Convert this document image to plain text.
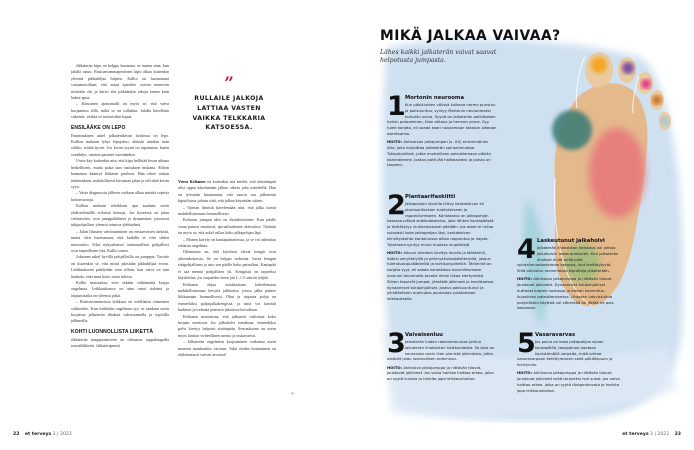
Jalkaterän kipu on helppo huomata: se tuntuu aina, kun jalalla astuu. Rasitusvammaperäinen kipu alkaa kuitenkin yleensä pikkuhiljaa hiipien. Kallio on huomannut vastaanotollaan, että moni ajattelee vaivan menevän itsestään ohi ja kärsii sitä pitkäänkin aikoja ennen kuin hakee apua.

– Klassinen ajatusmalli on myös se, että vaiva korjaantuu sillä, mikä se on tullutkin. Jalalla kävellään sitkeästi, vaikka se tuottaisikin kipua.

ENSILÄÄKE ON LEPO

Ensimmäinen askel jalkateräkivun hoidossa on lepo. Kallion mukaan lyhyt lepojakso, alukski ainakin noin viikko, riittää hyvin. Jos kivun syynä on tapaturma, kuten venähdys, vamma paranee itsestäänkin.

Usein käy kuitenkin niin, että kipu hellittää levon aikana hetkellisesti, mutta palaa taas rasituksen mukana. Silloin kannattaa kääntyä lääkärin puoleen. Hän tekee tarkan tutkimuksen, mahdollisesti kuvantaa jalan ja selvittää kivun syyn.

– Vasta diagnoosin jälkeen voidaan alkaa miettiä sopivia hoitomuotoja.

Kallion mukaan tehokkain apu saadaan usein yhdistelemällä erilaisia keinoja. Jos kyseessä on jalan virheasento, ovat jumppaliikkeet ja dynaamiset, joustavat tukipohjalliset yleensä toimiva yhdistelmä.

– Jalan lihasten vahvistaminen on ensiarvoisen tärkeää, mutta olen huomannut, että kaikilla ei riitä siihen motivaatio. Siksi nykyaikaiset toiminnalliset pohjalliset ovat tarpeellinen lisä, Kallio sanoo.

Jokainen askel hyvillä pohjallisilla on jumppaa. Tavoite on kuitenkin se, että niistä päästään pikkuhiljaa eroon. Leikkaukseen päädytään vain silloin, kun vaiva on niin hankala, ettei muu hoito tuota tulosta.

Kallio muistuttaa, ettei sekään välttämättä korjaa ongelmaa. Leikkauksessa on aina omat riskinsä ja toipumisaika on yleensä pitkä.

– Rasitusvammoissa leikkaus on todellakin viimeinen vaihtoehto. Kun tiedetään ongelman syy, se saadaan usein korjattua jalkaterän lihaksia vahvistamalla ja sopivilla jalkineilla.

KOHTI LUONNOLLISTA LIIKETTÄ

Jalkaterän jumppaamiseen on olemassa roppakaupalla tasmäliikkeitä. Jalkaterapeutti

”
RULLAILE JALKOJA LATTIAA VASTEN VAIKKA TELKKARIA KATSOESSA.

Veera Keltanen on kuitenkin sitä mieltä, että tärkeämpää olisi oppia käyttämään jalkaa oikein joka askeleella. Hän on työssään huomannut, että suurin osa jalkaterän kiputiloista johtuu siitä, että jalkaa käytetään väärin.

– Opetan ihmisiä kävelemään niin, että jalka toimii mahdollisimman luonnollisesti.

Keltasen jumpan idea on yksinkertainen: Kun jalalle varaa painoa tasaisesti, spiraalirakenne aktivoituu. Tärkeää on myös se, että askel rullaa koko jalkapohjan läpi.

– Monen kävely on kantapainotteista, ja se voi aiheuttaa erilaisia ongelmia.

Olennaista on, että käytössä olevat kengät ovat oikeankokoisia. Se on helppo tarkistaa. Irrota kengän sisäpohjallinen ja astu sen päälle koko painollasi. Kantapää ei saa mennä pohjallisen yli. Kengässä on tarpeeksi käyttötilaa, jos varpaiden eteen jää 1–1,5 senttiä tyhjää.

Keltanen ohjaa asiakkaitaan kokeilemaan mahdollisimman kevyitä jalkineita, joissa jalka pääsee liikkumaan luonnollisesti. Ohut ja taipuisa pohja on esimerkiksi paljasjalkakengissä, ja niitä voi käyttää harkiten ja treenata pienissä jaksoissa kerrallaan.

Keltanen muistuttaa, että jalkaterä vaikuttaa koko kropan asentoon. Jos jalkaholvi romahtaa, esimerkiksi polvi kiertyy helposti sisäänpäin. Seurauksena on usein myös lantion virheellinen asento ja niskavaivat.

– Jalkaterän ongelmien korjaaminen vaikuttaa usein moneen muuhunkin vaivaan. Siksi niiden hoitaminen on ehdottomasti vaivan arvoista!

»
22 et terveys 3 | 2022
MIKÄ JALKAA VAIVAA?
Lähes kaikki jalkaterän vaivat saavat helpotusta jumpasta.
1 Mortonin neurooma

Kun päkiäluiden välissä kulkeva hermo puristuu ja paksuuntuu, syntyy Mortonin neuroomaksi kutsuttu vaiva. Syynä on jalkaterän poikittaisen holvin putoaminen, tilan ahtaus ja hermon pinne. Syy tulee korjata, eli saada kaari nousemaan takaisin oikeaan asentoonsa.

HOITO: Aktivoivan jalkajumpan (s. XX) ensimmäinen liike, joka harjoittaa jalkaterän spiraalimuotoa. Tukipohjalliset, jotka muotoillaan palauttamaan päkiän kaarirakenne. Joskus patti jää haittaavaksi ja poisto on tarpeen.

2 Plantaarifaskiitti

Jalkapohjan kiputila liittyy kantakalvon eli plantaarifaskian tulehdukseen ja rappeutumiseen. Kantakalvo on jalkapohjan kasassa pitävä sidekudoskalvo, joka lähtee kantapäästä ja levittäytyy viuhkamaisesti päkiään. Jos askel ei rullaa sulavasti koko jalkapohjan läpi, kantakalvon kiinnityskohta kantaluussa alkaa rappeutua ja hajota. Tuloksena syntyy muun muassa luupiikkejä.

HOITO: Alkuun oireiden lievitys levolla ja lääkkeillä, lisäksi venyttelyillä ja pehmytkudoskäsittelyillä, joskus tulehduskipulääkkeillä ja kortisonipiikeillä. Tärkeintä on korjata syyt, eli saada kantakalvo kuormittumaan luonnon toivomalla tavalla ilman liikaa kiertymistä. Siihen tepsivät jumpat, jämäkät jalkineet ja tarvittaessa dynaamiset tukipohjalliset. Joskus paksuuntunut ja ylimääräinen arpikudos joudutaan poistamaan leikkauksella.

3 Vaivaisenluu

Jalkaterän luiden rakennemuutos johtuu jalkaterän lihaksiston heikkoudesta. Se taas on seurausta usein liian pienistä jalkineista, jotka estävät jalan luonnollisen toiminnan.

HOITO: Aktivoiva jalkajumppa ja riittävän tilavat, joustavat jalkineet. Jos vaiva haittaa haittaa arkea, jalka on syytä kuvata ja harkita jopa leikkaushoitoa.

4 Laskeutunut jalkaholvi

Jalkaterän lihaksiston heikkous voi johtaa jalkaholvin laskeutumiseen. Kun jalkaterän lihakset eivät enää pidä spiraalimuodostelmaa kasassa, luut levittäytyvät. Siitä aiheutuu monenlaisia kiputiloja jalkaterään.

HOITO: Aktiivoiva jalkajumppa ja riittävän tilavat, joustavat jalkineet. Dynaamiset tukipohjalliset auttavat kaaren nostossa ja oikean kuormituslinjauksen palauttamisessa. Lihasten vahvistuttua pohjallisten käyttöä voi vähentää tai jättää ne pois kokonaan.

5 Vasaravarvas

Jos paino on koko jalkapohjan sijaan kantapäillä, tasapainoa haetaan kipristämällä varpaita, mikä johtaa vasaravarpaan kehittymiseen sekä päkiäkipuun ja hiertymiin.

HOITO: Aktiivoiva jalkajumppa ja riittävän tilavat, joustavat jalkineet sekä tarpeeksi isot sukat. Jos vaiva haittaa arkea, jalka on syytä röntgenkuvata ja harkita jopa leikkaushoitoa.

et terveys 3 | 2022 23
